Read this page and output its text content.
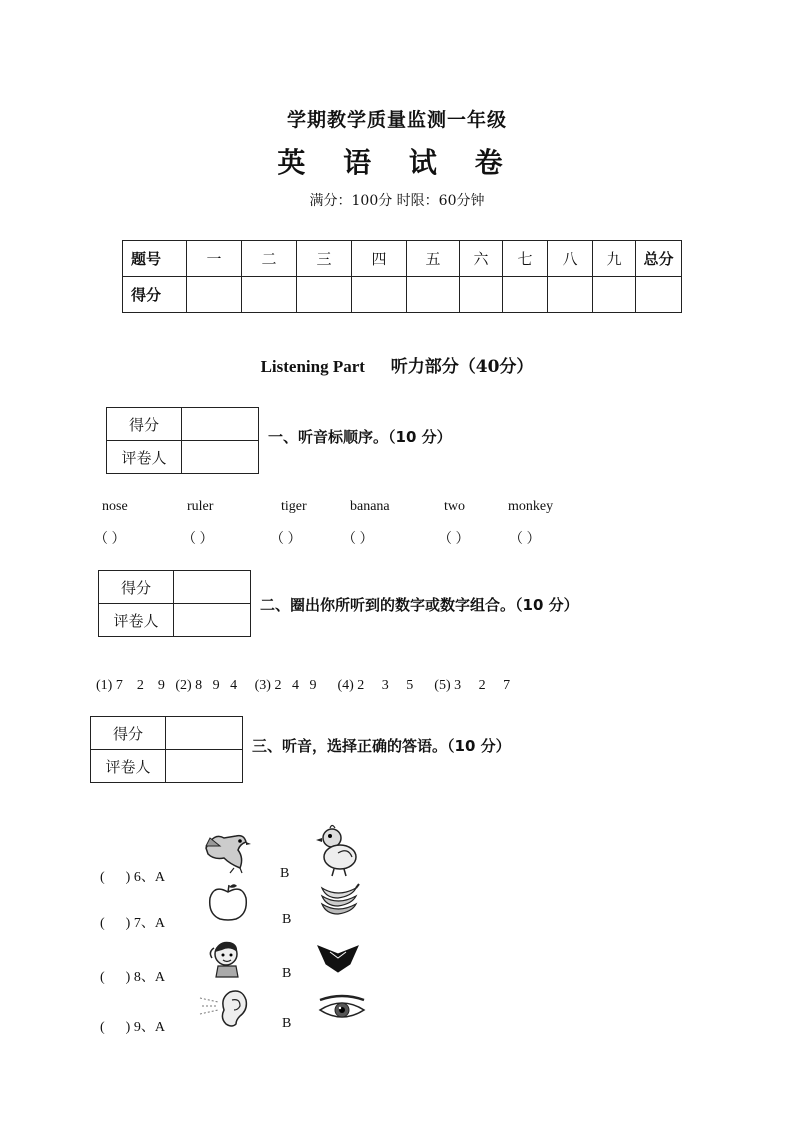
学期教学质量监测一年级
英 语 试 卷
满分：100分 时限：60分钟
题号	一	二	三	四	五	六	七	八	九	总分
得分										
Listening Part 听力部分（40分）
得分	
评卷人	
一、听音标顺序。（10 分）
nose	ruler	tiger	banana	two	monkey
（ ）	（ ）	（ ）	（ ）	（ ）	（ ）
得分	
评卷人	
二、圈出你所听到的数字或数字组合。（10 分）
(1) 7    2    9   (2) 8   9   4     (3) 2   4   9      (4) 2     3     5      (5) 3     2     7
得分	
评卷人	
三、听音，选择正确的答语。（10 分）
(      ) 6、A	B
(      ) 7、A	B
(      ) 8、A	B
(      ) 9、A	B
